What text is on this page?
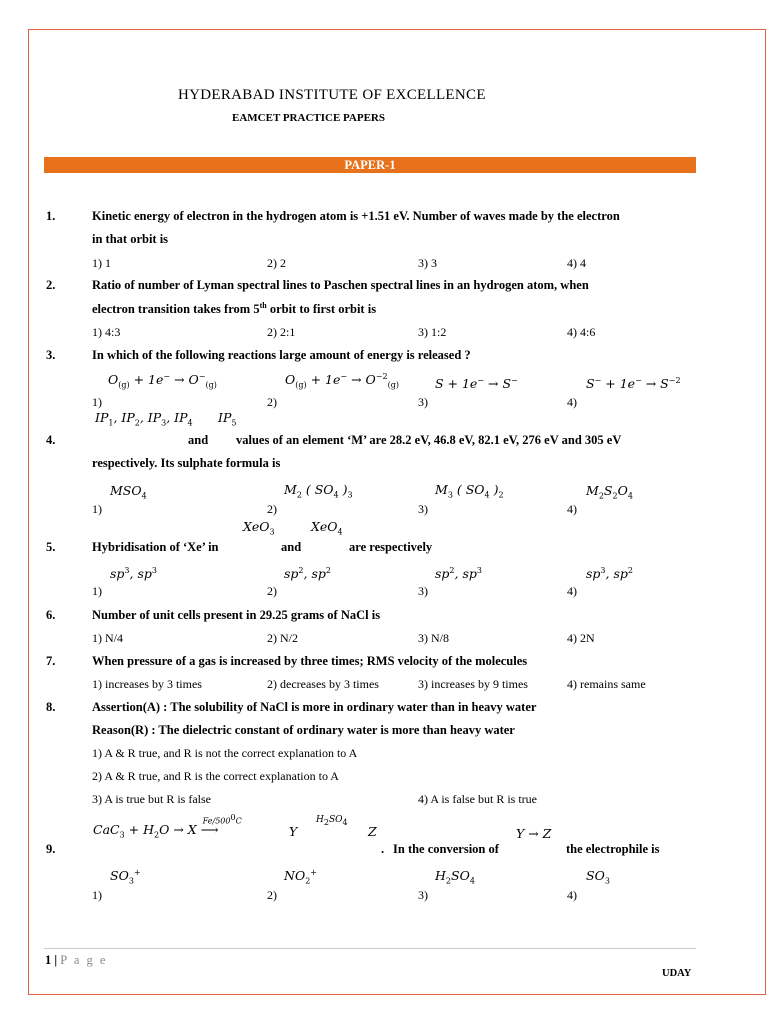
HYDERABAD INSTITUTE OF EXCELLENCE
EAMCET PRACTICE PAPERS
PAPER-1
1.	Kinetic energy of electron in the hydrogen atom is +1.51 eV. Number of waves made by the electron
in that orbit is
1) 1	2) 2	3) 3	4) 4
2.	Ratio of number of Lyman spectral lines to Paschen spectral lines in an hydrogen atom, when
electron transition takes from 5th orbit to first orbit is
1) 4:3	2) 2:1	3) 1:2	4) 4:6
3.	In which of the following reactions large amount of energy is released ?
$O_{(g)} + 1e^- \to O^-_{(g)}$	$O_{(g)} + 1e^- \to O^{-2}_{(g)}$	S + 1e− → S−	$S^- + 1e^- \to S^{-2}$
1)	2)	3)	4)
$IP_1$, $IP_2$, $IP_3$, $IP_4$ $IP_5$
4.	and values of an element ‘M’ are 28.2 eV, 46.8 eV, 82.1 eV, 276 eV and 305 eV
respectively. Its sulphate formula is
$MSO_4$	$M_2$ ( $SO_4$ )$_3$	$M_3$ ( $SO_4$ )$_2$	$M_2S_2O_4$
1)	2)	3)	4)
XeO$_3$	XeO$_4$
5.	Hybridisation of ‘Xe’ in	and	are respectively
$sp^3$, $sp^3$	$sp^2$, $sp^2$	$sp^2$, $sp^3$	$sp^3$, $sp^2$
1)	2)	3)	4)
6.	Number of unit cells present in 29.25 grams of NaCl is
1) N/4	2) N/2	3) N/8	4) 2N
7.	When pressure of a gas is increased by three times; RMS velocity of the molecules
1) increases by 3 times	2) decreases by 3 times	3) increases by 9 times	4) remains same
8.	Assertion(A) : The solubility of NaCl is more in ordinary water than in heavy water
Reason(R) : The dielectric constant of ordinary water is more than heavy water
1) A & R true, and R is not the correct explanation to A
2) A & R true, and R is the correct explanation to A
3) A is true but R is false	4) A is false but R is true
$CaC_3 + H_2O \to X$ ⟶
$Fe/500^0C$
Y
$H_2SO_4$
Z	Y → Z
9.	. In the conversion of	the electrophile is
$SO_3^+$	$NO_2^+$	$H_2SO_4$	$SO_3$
1)	2)	3)	4)
1 | P a g e
UDAY
